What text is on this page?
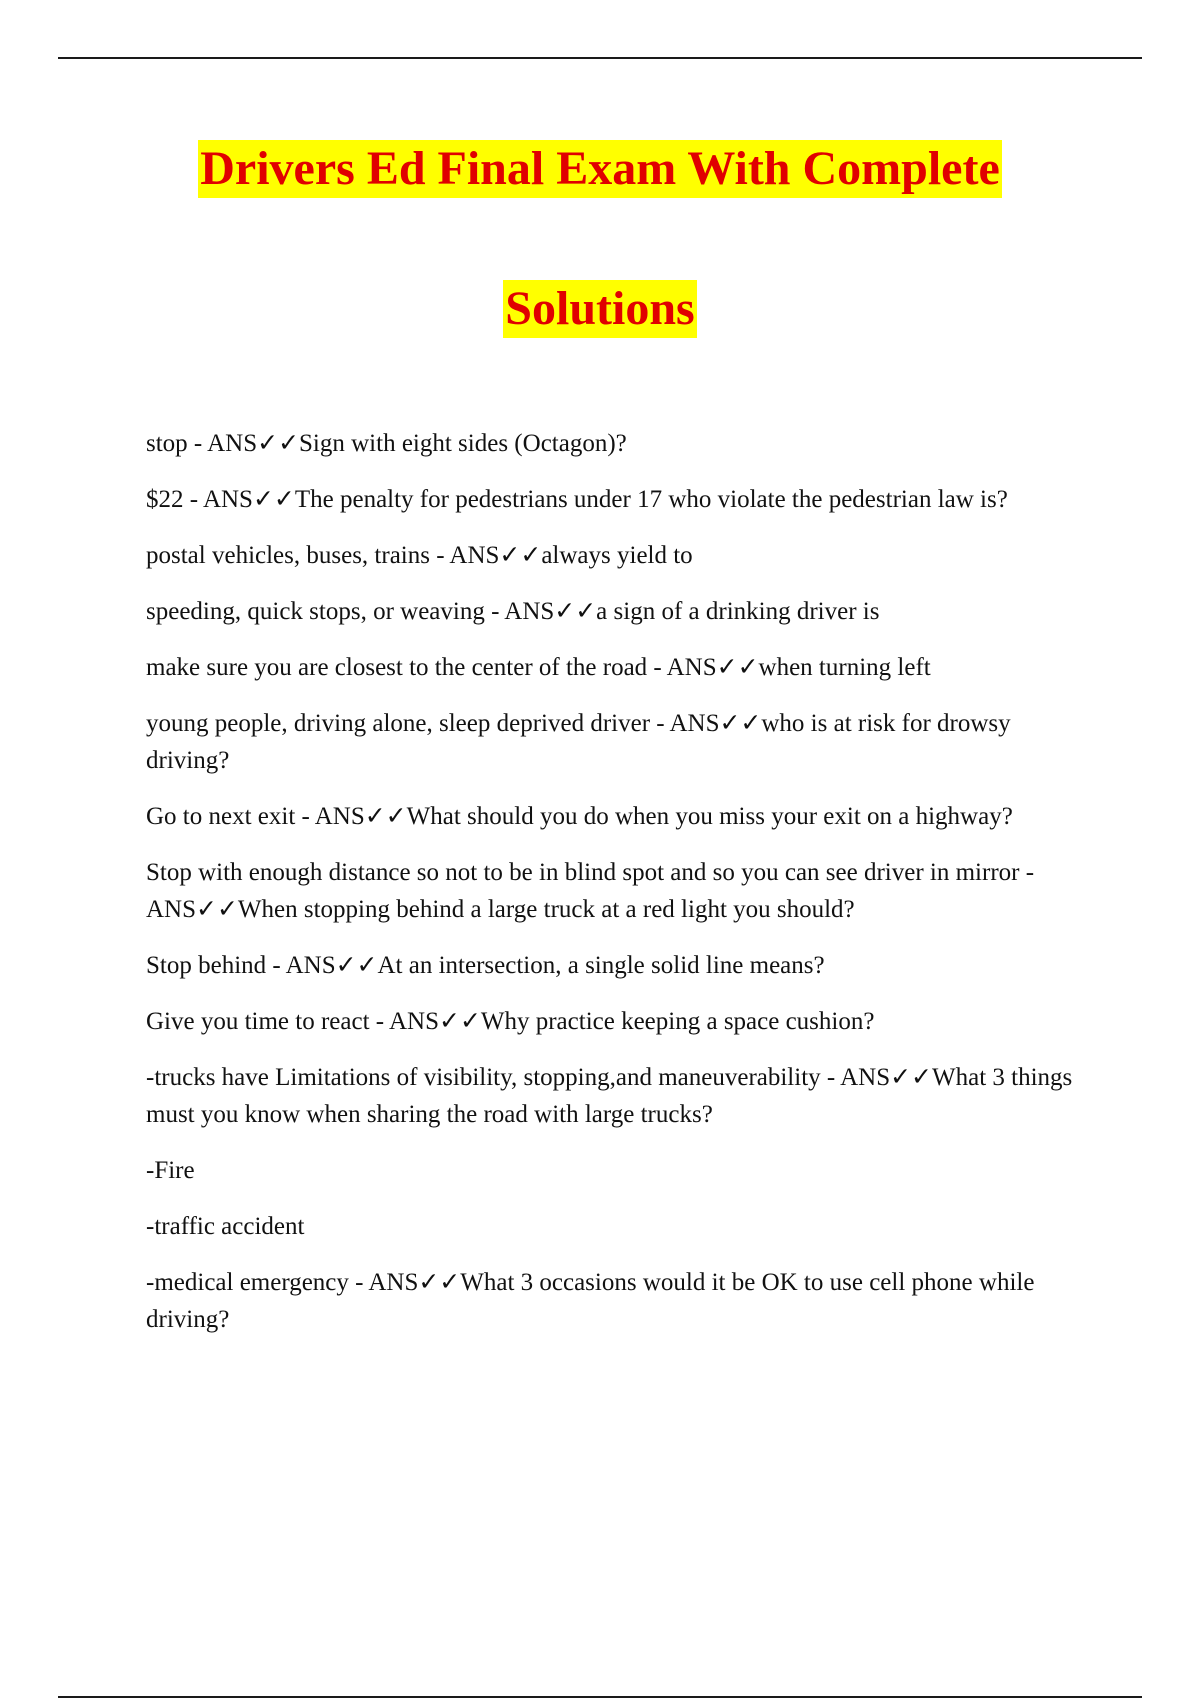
Drivers Ed Final Exam With Complete
Solutions
stop - ANS✓✓Sign with eight sides (Octagon)?
$22 - ANS✓✓The penalty for pedestrians under 17 who violate the pedestrian law is?
postal vehicles, buses, trains - ANS✓✓always yield to
speeding, quick stops, or weaving - ANS✓✓a sign of a drinking driver is
make sure you are closest to the center of the road - ANS✓✓when turning left
young people, driving alone, sleep deprived driver - ANS✓✓who is at risk for drowsy driving?
Go to next exit - ANS✓✓What should you do when you miss your exit on a highway?
Stop with enough distance so not to be in blind spot and so you can see driver in mirror - ANS✓✓When stopping behind a large truck at a red light you should?
Stop behind - ANS✓✓At an intersection, a single solid line means?
Give you time to react - ANS✓✓Why practice keeping a space cushion?
-trucks have Limitations of visibility, stopping,and maneuverability - ANS✓✓What 3 things must you know when sharing the road with large trucks?
-Fire
-traffic accident
-medical emergency - ANS✓✓What 3 occasions would it be OK to use cell phone while driving?
